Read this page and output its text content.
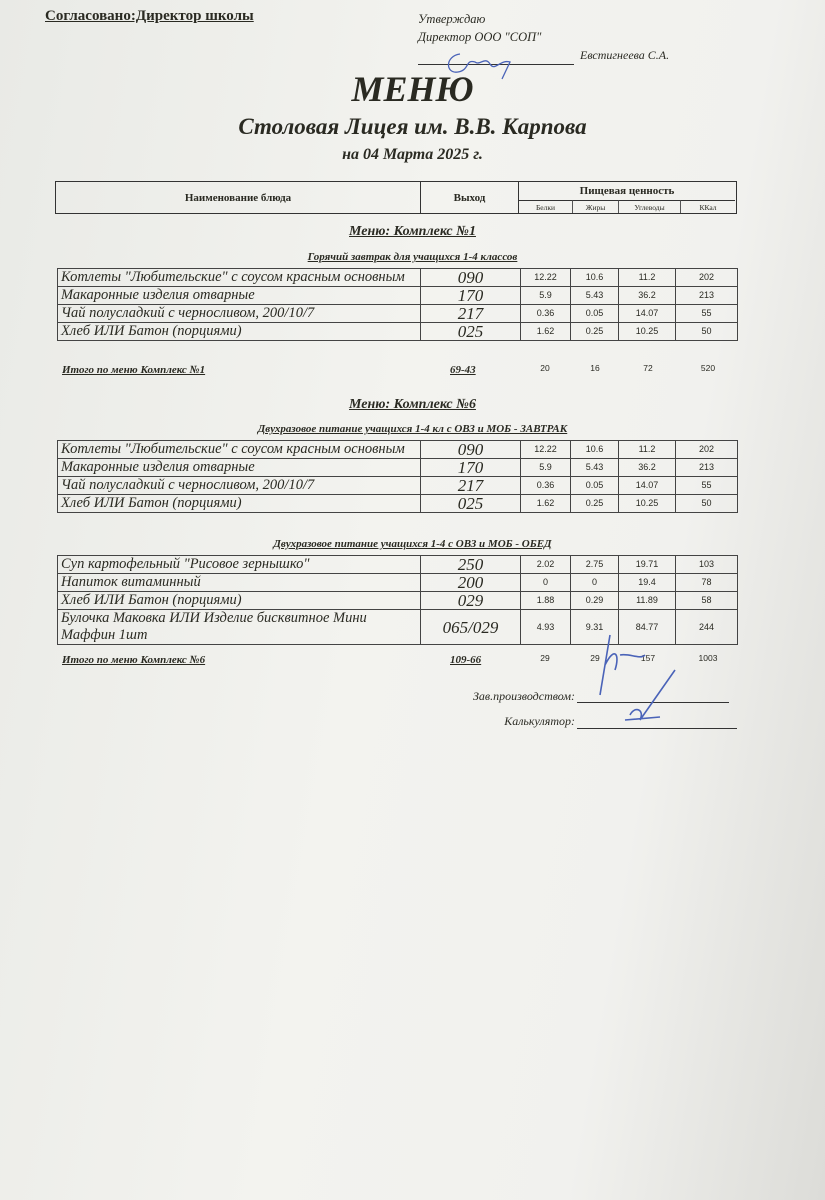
Согласовано:Директор школы	Утверждаю
Директор ООО "СОП"
Евстигнеева С.А.
МЕНЮ
Столовая Лицея им. В.В. Карпова
на 04 Марта 2025 г.
Наименование блюда	Выход
Пищевая ценность
Белки	Жиры	Углеводы	ККал
Меню: Комплекс №1
Горячий завтрак для учащихся 1-4 классов
Котлеты "Любительские" с соусом красным основным	090	12.22	10.6	11.2	202
Макаронные изделия отварные	170	5.9	5.43	36.2	213
Чай полусладкий с черносливом, 200/10/7	217	0.36	0.05	14.07	55
Хлеб ИЛИ Батон (порциями)	025	1.62	0.25	10.25	50
Итого по меню Комплекс №1	69-43	20	16	72	520
Меню: Комплекс №6
Двухразовое питание учащихся 1-4 кл с ОВЗ и МОБ - ЗАВТРАК
Котлеты "Любительские" с соусом красным основным	090	12.22	10.6	11.2	202
Макаронные изделия отварные	170	5.9	5.43	36.2	213
Чай полусладкий с черносливом, 200/10/7	217	0.36	0.05	14.07	55
Хлеб ИЛИ Батон (порциями)	025	1.62	0.25	10.25	50
Двухразовое питание учащихся 1-4 с ОВЗ и МОБ - ОБЕД
Суп картофельный "Рисовое зернышко"	250	2.02	2.75	19.71	103
Напиток витаминный	200	0	0	19.4	78
Хлеб ИЛИ Батон (порциями)	029	1.88	0.29	11.89	58
Булочка Маковка ИЛИ Изделие бисквитное Мини Маффин 1шт	065/029	4.93	9.31	84.77	244
Итого по меню Комплекс №6	109-66	29	29	157	1003
Зав.производством:
Калькулятор:
